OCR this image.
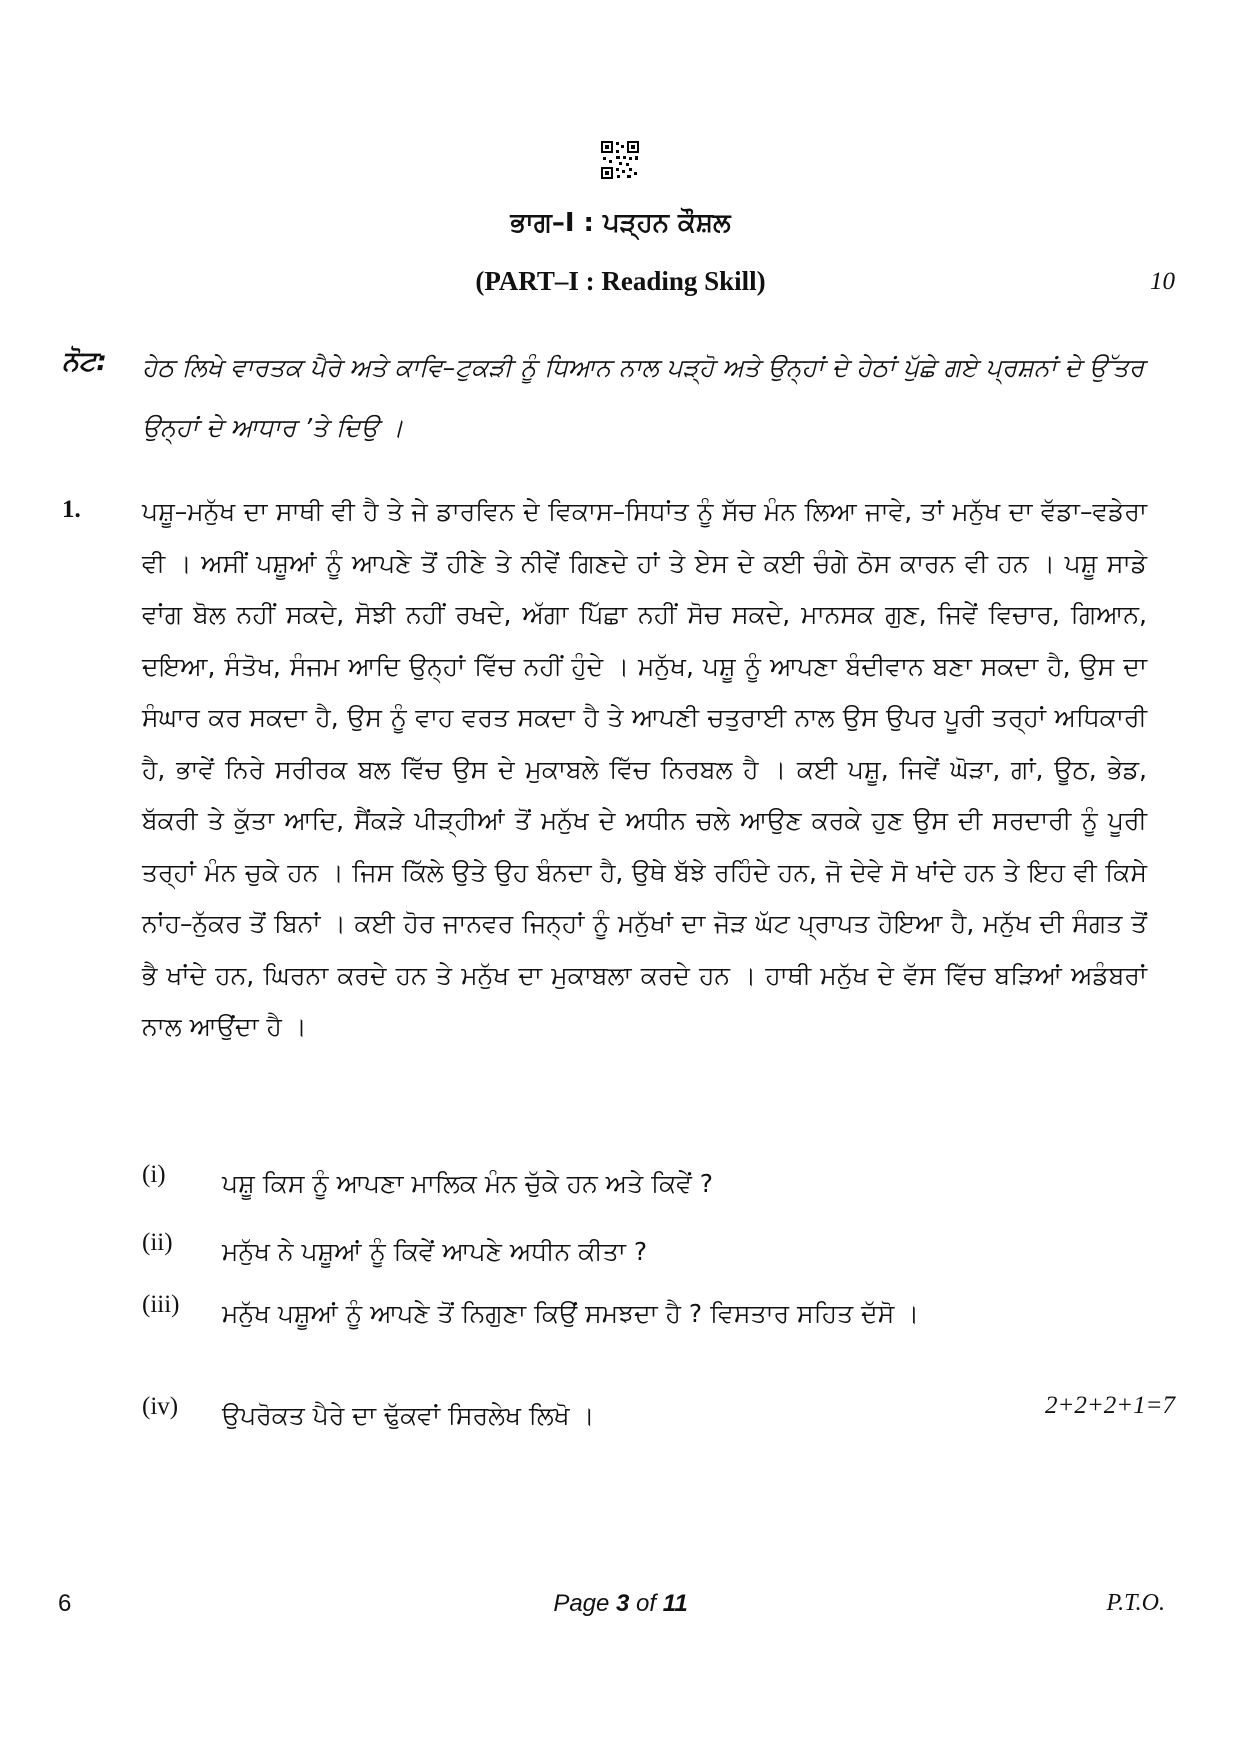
ਭਾਗ–I : ਪੜ੍ਹਨ ਕੌਸ਼ਲ
(PART–I : Reading Skill)	10
ਨੋਟ: ਹੇਠ ਲਿਖੇ ਵਾਰਤਕ ਪੈਰੇ ਅਤੇ ਕਾਵਿ–ਟੁਕੜੀ ਨੂੰ ਧਿਆਨ ਨਾਲ ਪੜ੍ਹੋ ਅਤੇ ਉਨ੍ਹਾਂ ਦੇ ਹੇਠਾਂ ਪੁੱਛੇ ਗਏ ਪ੍ਰਸ਼ਨਾਂ ਦੇ ਉੱਤਰ ਉਨ੍ਹਾਂ ਦੇ ਆਧਾਰ ’ਤੇ ਦਿਉ ।
1. ਪਸ਼ੂ–ਮਨੁੱਖ ਦਾ ਸਾਥੀ ਵੀ ਹੈ ਤੇ ਜੇ ਡਾਰਵਿਨ ਦੇ ਵਿਕਾਸ–ਸਿਧਾਂਤ ਨੂੰ ਸੱਚ ਮੰਨ ਲਿਆ ਜਾਵੇ, ਤਾਂ ਮਨੁੱਖ ਦਾ ਵੱਡਾ–ਵਡੇਰਾ ਵੀ । ਅਸੀਂ ਪਸ਼ੂਆਂ ਨੂੰ ਆਪਣੇ ਤੋਂ ਹੀਣੇ ਤੇ ਨੀਵੇਂ ਗਿਣਦੇ ਹਾਂ ਤੇ ਏਸ ਦੇ ਕਈ ਚੰਗੇ ਠੋਸ ਕਾਰਨ ਵੀ ਹਨ । ਪਸ਼ੂ ਸਾਡੇ ਵਾਂਗ ਬੋਲ ਨਹੀਂ ਸਕਦੇ, ਸੋਝੀ ਨਹੀਂ ਰਖਦੇ, ਅੱਗਾ ਪਿੱਛਾ ਨਹੀਂ ਸੋਚ ਸਕਦੇ, ਮਾਨਸਕ ਗੁਣ, ਜਿਵੇਂ ਵਿਚਾਰ, ਗਿਆਨ, ਦਇਆ, ਸੰਤੋਖ, ਸੰਜਮ ਆਦਿ ਉਨ੍ਹਾਂ ਵਿੱਚ ਨਹੀਂ ਹੁੰਦੇ । ਮਨੁੱਖ, ਪਸ਼ੂ ਨੂੰ ਆਪਣਾ ਬੰਦੀਵਾਨ ਬਣਾ ਸਕਦਾ ਹੈ, ਉਸ ਦਾ ਸੰਘਾਰ ਕਰ ਸਕਦਾ ਹੈ, ਉਸ ਨੂੰ ਵਾਹ ਵਰਤ ਸਕਦਾ ਹੈ ਤੇ ਆਪਣੀ ਚਤੁਰਾਈ ਨਾਲ ਉਸ ਉਪਰ ਪੂਰੀ ਤਰ੍ਹਾਂ ਅਧਿਕਾਰੀ ਹੈ, ਭਾਵੇਂ ਨਿਰੇ ਸਰੀਰਕ ਬਲ ਵਿੱਚ ਉਸ ਦੇ ਮੁਕਾਬਲੇ ਵਿੱਚ ਨਿਰਬਲ ਹੈ । ਕਈ ਪਸ਼ੂ, ਜਿਵੇਂ ਘੋੜਾ, ਗਾਂ, ਊਠ, ਭੇਡ, ਬੱਕਰੀ ਤੇ ਕੁੱਤਾ ਆਦਿ, ਸੈਂਕੜੇ ਪੀੜ੍ਹੀਆਂ ਤੋਂ ਮਨੁੱਖ ਦੇ ਅਧੀਨ ਚਲੇ ਆਉਣ ਕਰਕੇ ਹੁਣ ਉਸ ਦੀ ਸਰਦਾਰੀ ਨੂੰ ਪੂਰੀ ਤਰ੍ਹਾਂ ਮੰਨ ਚੁਕੇ ਹਨ । ਜਿਸ ਕਿੱਲੇ ਉਤੇ ਉਹ ਬੰਨਦਾ ਹੈ, ਉਥੇ ਬੱਝੇ ਰਹਿੰਦੇ ਹਨ, ਜੋ ਦੇਵੇ ਸੋ ਖਾਂਦੇ ਹਨ ਤੇ ਇਹ ਵੀ ਕਿਸੇ ਨਾਂਹ–ਨੁੱਕਰ ਤੋਂ ਬਿਨਾਂ । ਕਈ ਹੋਰ ਜਾਨਵਰ ਜਿਨ੍ਹਾਂ ਨੂੰ ਮਨੁੱਖਾਂ ਦਾ ਜੋੜ ਘੱਟ ਪ੍ਰਾਪਤ ਹੋਇਆ ਹੈ, ਮਨੁੱਖ ਦੀ ਸੰਗਤ ਤੋਂ ਭੈ ਖਾਂਦੇ ਹਨ, ਘਿਰਨਾ ਕਰਦੇ ਹਨ ਤੇ ਮਨੁੱਖ ਦਾ ਮੁਕਾਬਲਾ ਕਰਦੇ ਹਨ । ਹਾਥੀ ਮਨੁੱਖ ਦੇ ਵੱਸ ਵਿੱਚ ਬੜਿਆਂ ਅਡੰਬਰਾਂ ਨਾਲ ਆਉਂਦਾ ਹੈ ।
(i) ਪਸ਼ੂ ਕਿਸ ਨੂੰ ਆਪਣਾ ਮਾਲਿਕ ਮੰਨ ਚੁੱਕੇ ਹਨ ਅਤੇ ਕਿਵੇਂ ?
(ii) ਮਨੁੱਖ ਨੇ ਪਸ਼ੂਆਂ ਨੂੰ ਕਿਵੇਂ ਆਪਣੇ ਅਧੀਨ ਕੀਤਾ ?
(iii) ਮਨੁੱਖ ਪਸ਼ੂਆਂ ਨੂੰ ਆਪਣੇ ਤੋਂ ਨਿਗੁਣਾ ਕਿਉਂ ਸਮਝਦਾ ਹੈ ? ਵਿਸਤਾਰ ਸਹਿਤ ਦੱਸੋ ।
(iv) ਉਪਰੋਕਤ ਪੈਰੇ ਦਾ ਢੁੱਕਵਾਂ ਸਿਰਲੇਖ ਲਿਖੋ ।	2+2+2+1=7
6	Page 3 of 11	P.T.O.
